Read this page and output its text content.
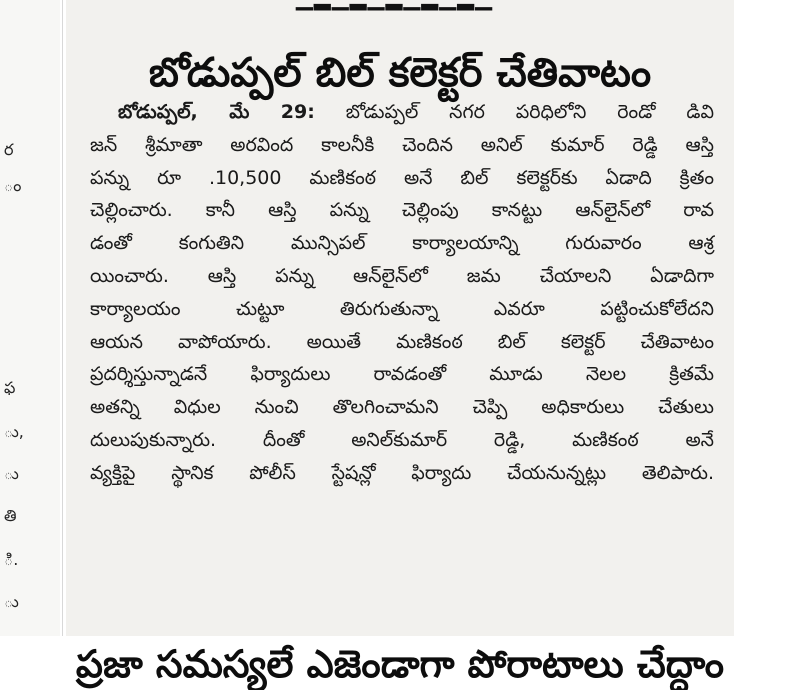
ర
ం
ఫ
ు,
ు
తి
ి.
ు
బోడుప్పల్ బిల్ కలెక్టర్ చేతివాటం
బోడుప్పల్, మే 29: బోడుప్పల్ నగర పరిధిలోని రెండో డివి
జన్ శ్రీమాతా అరవింద కాలనీకి చెందిన అనిల్ కుమార్ రెడ్డి ఆస్తి
పన్ను రూ .10,500 మణికంఠ అనే బిల్ కలెక్టర్‌కు ఏడాది క్రితం
చెల్లించారు. కానీ ఆస్తి పన్ను చెల్లింపు కానట్టు ఆన్‌లైన్‌లో రావ
డంతో కంగుతిని మున్సిపల్ కార్యాలయాన్ని గురువారం ఆశ్ర
యించారు. ఆస్తి పన్ను ఆన్‌లైన్‌లో జమ చేయాలని ఏడాదిగా
కార్యాలయం చుట్టూ తిరుగుతున్నా ఎవరూ పట్టించుకోలేదని
ఆయన వాపోయారు. అయితే మణికంఠ బిల్ కలెక్టర్ చేతివాటం
ప్రదర్శిస్తున్నాడనే ఫిర్యాదులు రావడంతో మూడు నెలల క్రితమే
అతన్ని విధుల నుంచి తొలగించామని చెప్పి అధికారులు చేతులు
దులుపుకున్నారు. దీంతో అనిల్‌కుమార్ రెడ్డి, మణికంఠ అనే
వ్యక్తిపై స్థానిక పోలీస్ స్టేషన్లో ఫిర్యాదు చేయనున్నట్లు తెలిపారు.
ప్రజా సమస్యలే ఎజెండాగా పోరాటాలు చేద్దాం
